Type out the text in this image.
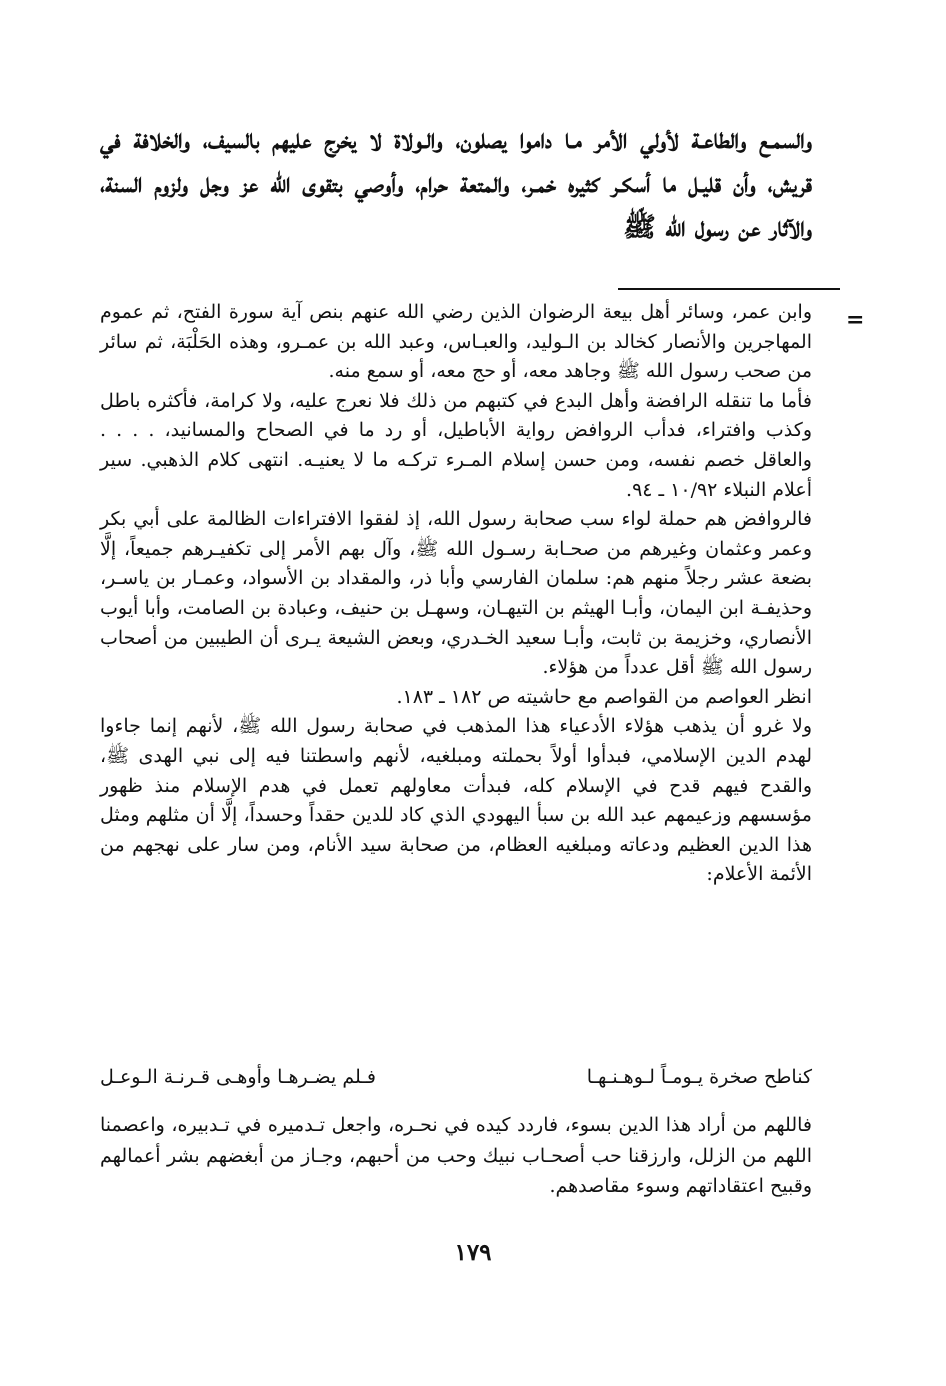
والسمـع والطاعـة لأولي الأمر مـا داموا يصلون، والـولاة لا يخرج عليهم بالسيف، والخلافة في قريش، وأن قليـل ما أسكـر كثيره خمـر، والمتعة حرام، وأوصي بتقوى الله عز وجل ولزوم السنة، والآثار عن رسول الله ﷺ

=

وابن عمر، وسائر أهل بيعة الرضوان الذين رضي الله عنهم بنص آية سورة الفتح، ثم عموم المهاجرين والأنصار كخالد بن الـوليد، والعبـاس، وعبد الله بن عمـرو، وهذه الحَلْبَة، ثم سائر من صحب رسول الله ﷺ وجاهد معه، أو حج معه، أو سمع منه.

فأما ما تنقله الرافضة وأهل البدع في كتبهم من ذلك فلا نعرج عليه، ولا كرامة، فأكثره باطل وكذب وافتراء، فدأب الروافض رواية الأباطيل، أو رد ما في الصحاح والمسانيد، . . . . والعاقل خصم نفسه، ومن حسن إسلام المـرء تركـه ما لا يعنيـه. انتهى كلام الذهبي. سير أعلام النبلاء ١٠/٩٢ ـ ٩٤.

فالروافض هم حملة لواء سب صحابة رسول الله، إذ لفقوا الافتراءات الظالمة على أبي بكر وعمر وعثمان وغيرهم من صحـابة رسـول الله ﷺ، وآل بهم الأمر إلى تكفيـرهم جميعاً، إلَّا بضعة عشر رجلاً منهم هم: سلمان الفارسي وأبا ذر، والمقداد بن الأسواد، وعمـار بن ياسـر، وحذيفـة ابن اليمان، وأبـا الهيثم بن التيهـان، وسهـل بن حنيف، وعبادة بن الصامت، وأبا أيوب الأنصاري، وخزيمة بن ثابت، وأبـا سعيد الخـدري، وبعض الشيعة يـرى أن الطيبين من أصحاب رسول الله ﷺ أقل عدداً من هؤلاء.

انظر العواصم من القواصم مع حاشيته ص ١٨٢ ـ ١٨٣.

ولا غرو أن يذهب هؤلاء الأدعياء هذا المذهب في صحابة رسول الله ﷺ، لأنهم إنما جاءوا لهدم الدين الإسلامي، فبدأوا أولاً بحملته ومبلغيه، لأنهم واسطتنا فيه إلى نبي الهدى ﷺ، والقدح فيهم قدح في الإسلام كله، فبدأت معاولهم تعمل في هدم الإسلام منذ ظهور مؤسسهم وزعيمهم عبد الله بن سبأ اليهودي الذي كاد للدين حقداً وحسداً، إلَّا أن مثلهم ومثل هذا الدين العظيم ودعاته ومبلغيه العظام، من صحابة سيد الأنام، ومن سار على نهجهم من الأئمة الأعلام:

كناطح صخرة يـومـاً لـوهـنـهـا
فـلم يضـرهـا وأوهـى قـرنـة الـوعـل

فاللهم من أراد هذا الدين بسوء، فاردد كيده في نحـره، واجعل تـدميره في تـدبيره، واعصمنا اللهم من الزلل، وارزقنا حب أصحـاب نبيك وحب من أحبهم، وجـاز من أبغضهم بشر أعمالهم وقبيح اعتقاداتهم وسوء مقاصدهم.

١٧٩
